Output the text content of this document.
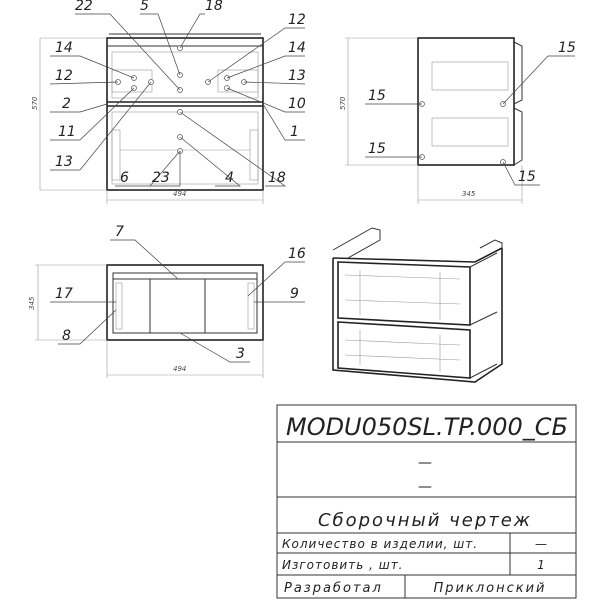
570
494
22	5	18
12
14
13
10
1
14
12
2
11
13
6 23	4 18
570
345
15
15
15
15
345
494
7
16
17	9
8
3
MODU050SL.TP.000_СБ
—
—
Сборочный чертеж
Количество в изделии, шт.	—
Изготовить , шт.	1
Разработал	Приклонский
